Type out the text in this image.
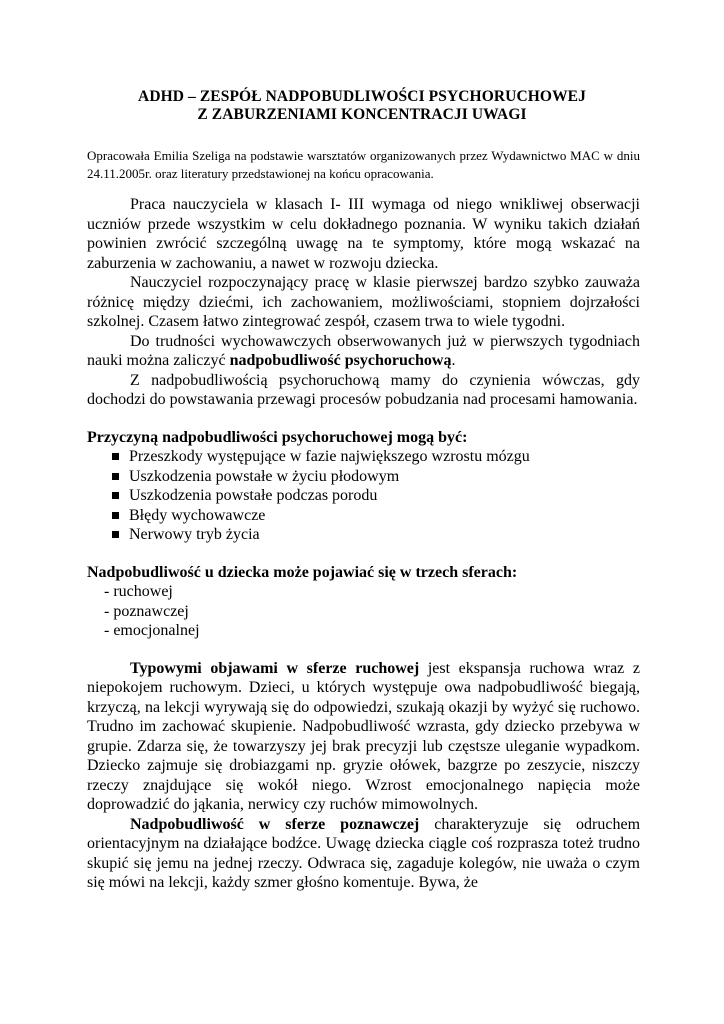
ADHD – ZESPÓŁ NADPOBUDLIWOŚCI PSYCHORUCHOWEJ
Z ZABURZENIAMI KONCENTRACJI UWAGI
Opracowała Emilia Szeliga na podstawie warsztatów organizowanych przez Wydawnictwo MAC w dniu 24.11.2005r. oraz literatury przedstawionej na końcu opracowania.

Praca nauczyciela w klasach I- III wymaga od niego wnikliwej obserwacji uczniów przede wszystkim w celu dokładnego poznania. W wyniku takich działań powinien zwrócić szczególną uwagę na te symptomy, które mogą wskazać na zaburzenia w zachowaniu, a nawet w rozwoju dziecka.

Nauczyciel rozpoczynający pracę w klasie pierwszej bardzo szybko zauważa różnicę między dziećmi, ich zachowaniem, możliwościami, stopniem dojrzałości szkolnej. Czasem łatwo zintegrować zespół, czasem trwa to wiele tygodni.

Do trudności wychowawczych obserwowanych już w pierwszych tygodniach nauki można zaliczyć nadpobudliwość psychoruchową.

Z nadpobudliwością psychoruchową mamy do czynienia wówczas, gdy dochodzi do powstawania przewagi procesów pobudzania nad procesami hamowania.

Przyczyną nadpobudliwości psychoruchowej mogą być:

Przeszkody występujące w fazie największego wzrostu mózgu
Uszkodzenia powstałe w życiu płodowym
Uszkodzenia powstałe podczas porodu
Błędy wychowawcze
Nerwowy tryb życia

Nadpobudliwość u dziecka może pojawiać się w trzech sferach:

- ruchowej
- poznawczej
- emocjonalnej

Typowymi objawami w sferze ruchowej jest ekspansja ruchowa wraz z niepokojem ruchowym. Dzieci, u których występuje owa nadpobudliwość biegają, krzyczą, na lekcji wyrywają się do odpowiedzi, szukają okazji by wyżyć się ruchowo. Trudno im zachować skupienie. Nadpobudliwość wzrasta, gdy dziecko przebywa w grupie. Zdarza się, że towarzyszy jej brak precyzji lub częstsze uleganie wypadkom. Dziecko zajmuje się drobiazgami np. gryzie ołówek, bazgrze po zeszycie, niszczy rzeczy znajdujące się wokół niego. Wzrost emocjonalnego napięcia może doprowadzić do jąkania, nerwicy czy ruchów mimowolnych.

Nadpobudliwość w sferze poznawczej charakteryzuje się odruchem orientacyjnym na działające bodźce. Uwagę dziecka ciągle coś rozprasza toteż trudno skupić się jemu na jednej rzeczy. Odwraca się, zagaduje kolegów, nie uważa o czym się mówi na lekcji, każdy szmer głośno komentuje. Bywa, że
